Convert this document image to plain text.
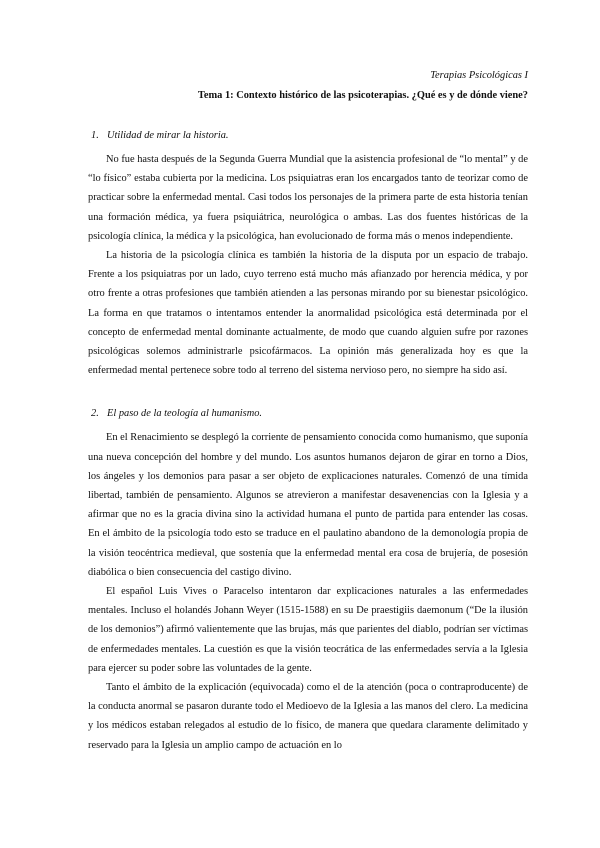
Terapias Psicológicas I
Tema 1: Contexto histórico de las psicoterapias. ¿Qué es y de dónde viene?
1. Utilidad de mirar la historia.

No fue hasta después de la Segunda Guerra Mundial que la asistencia profesional de “lo mental” y de “lo físico” estaba cubierta por la medicina. Los psiquiatras eran los encargados tanto de teorizar como de practicar sobre la enfermedad mental. Casi todos los personajes de la primera parte de esta historia tenían una formación médica, ya fuera psiquiátrica, neurológica o ambas. Las dos fuentes históricas de la psicología clínica, la médica y la psicológica, han evolucionado de forma más o menos independiente.

La historia de la psicología clínica es también la historia de la disputa por un espacio de trabajo. Frente a los psiquiatras por un lado, cuyo terreno está mucho más afianzado por herencia médica, y por otro frente a otras profesiones que también atienden a las personas mirando por su bienestar psicológico. La forma en que tratamos o intentamos entender la anormalidad psicológica está determinada por el concepto de enfermedad mental dominante actualmente, de modo que cuando alguien sufre por razones psicológicas solemos administrarle psicofármacos. La opinión más generalizada hoy es que la enfermedad mental pertenece sobre todo al terreno del sistema nervioso pero, no siempre ha sido así.

2. El paso de la teología al humanismo.

En el Renacimiento se desplegó la corriente de pensamiento conocida como humanismo, que suponía una nueva concepción del hombre y del mundo. Los asuntos humanos dejaron de girar en torno a Dios, los ángeles y los demonios para pasar a ser objeto de explicaciones naturales. Comenzó de una tímida libertad, también de pensamiento. Algunos se atrevieron a manifestar desavenencias con la Iglesia y a afirmar que no es la gracia divina sino la actividad humana el punto de partida para entender las cosas. En el ámbito de la psicología todo esto se traduce en el paulatino abandono de la demonología propia de la visión teocéntrica medieval, que sostenía que la enfermedad mental era cosa de brujería, de posesión diabólica o bien consecuencia del castigo divino.

El español Luis Vives o Paracelso intentaron dar explicaciones naturales a las enfermedades mentales. Incluso el holandés Johann Weyer (1515-1588) en su De praestigiis daemonum (“De la ilusión de los demonios”) afirmó valientemente que las brujas, más que parientes del diablo, podrían ser víctimas de enfermedades mentales. La cuestión es que la visión teocrática de las enfermedades servía a la Iglesia para ejercer su poder sobre las voluntades de la gente.

Tanto el ámbito de la explicación (equivocada) como el de la atención (poca o contraproducente) de la conducta anormal se pasaron durante todo el Medioevo de la Iglesia a las manos del clero. La medicina y los médicos estaban relegados al estudio de lo físico, de manera que quedara claramente delimitado y reservado para la Iglesia un amplio campo de actuación en lo
